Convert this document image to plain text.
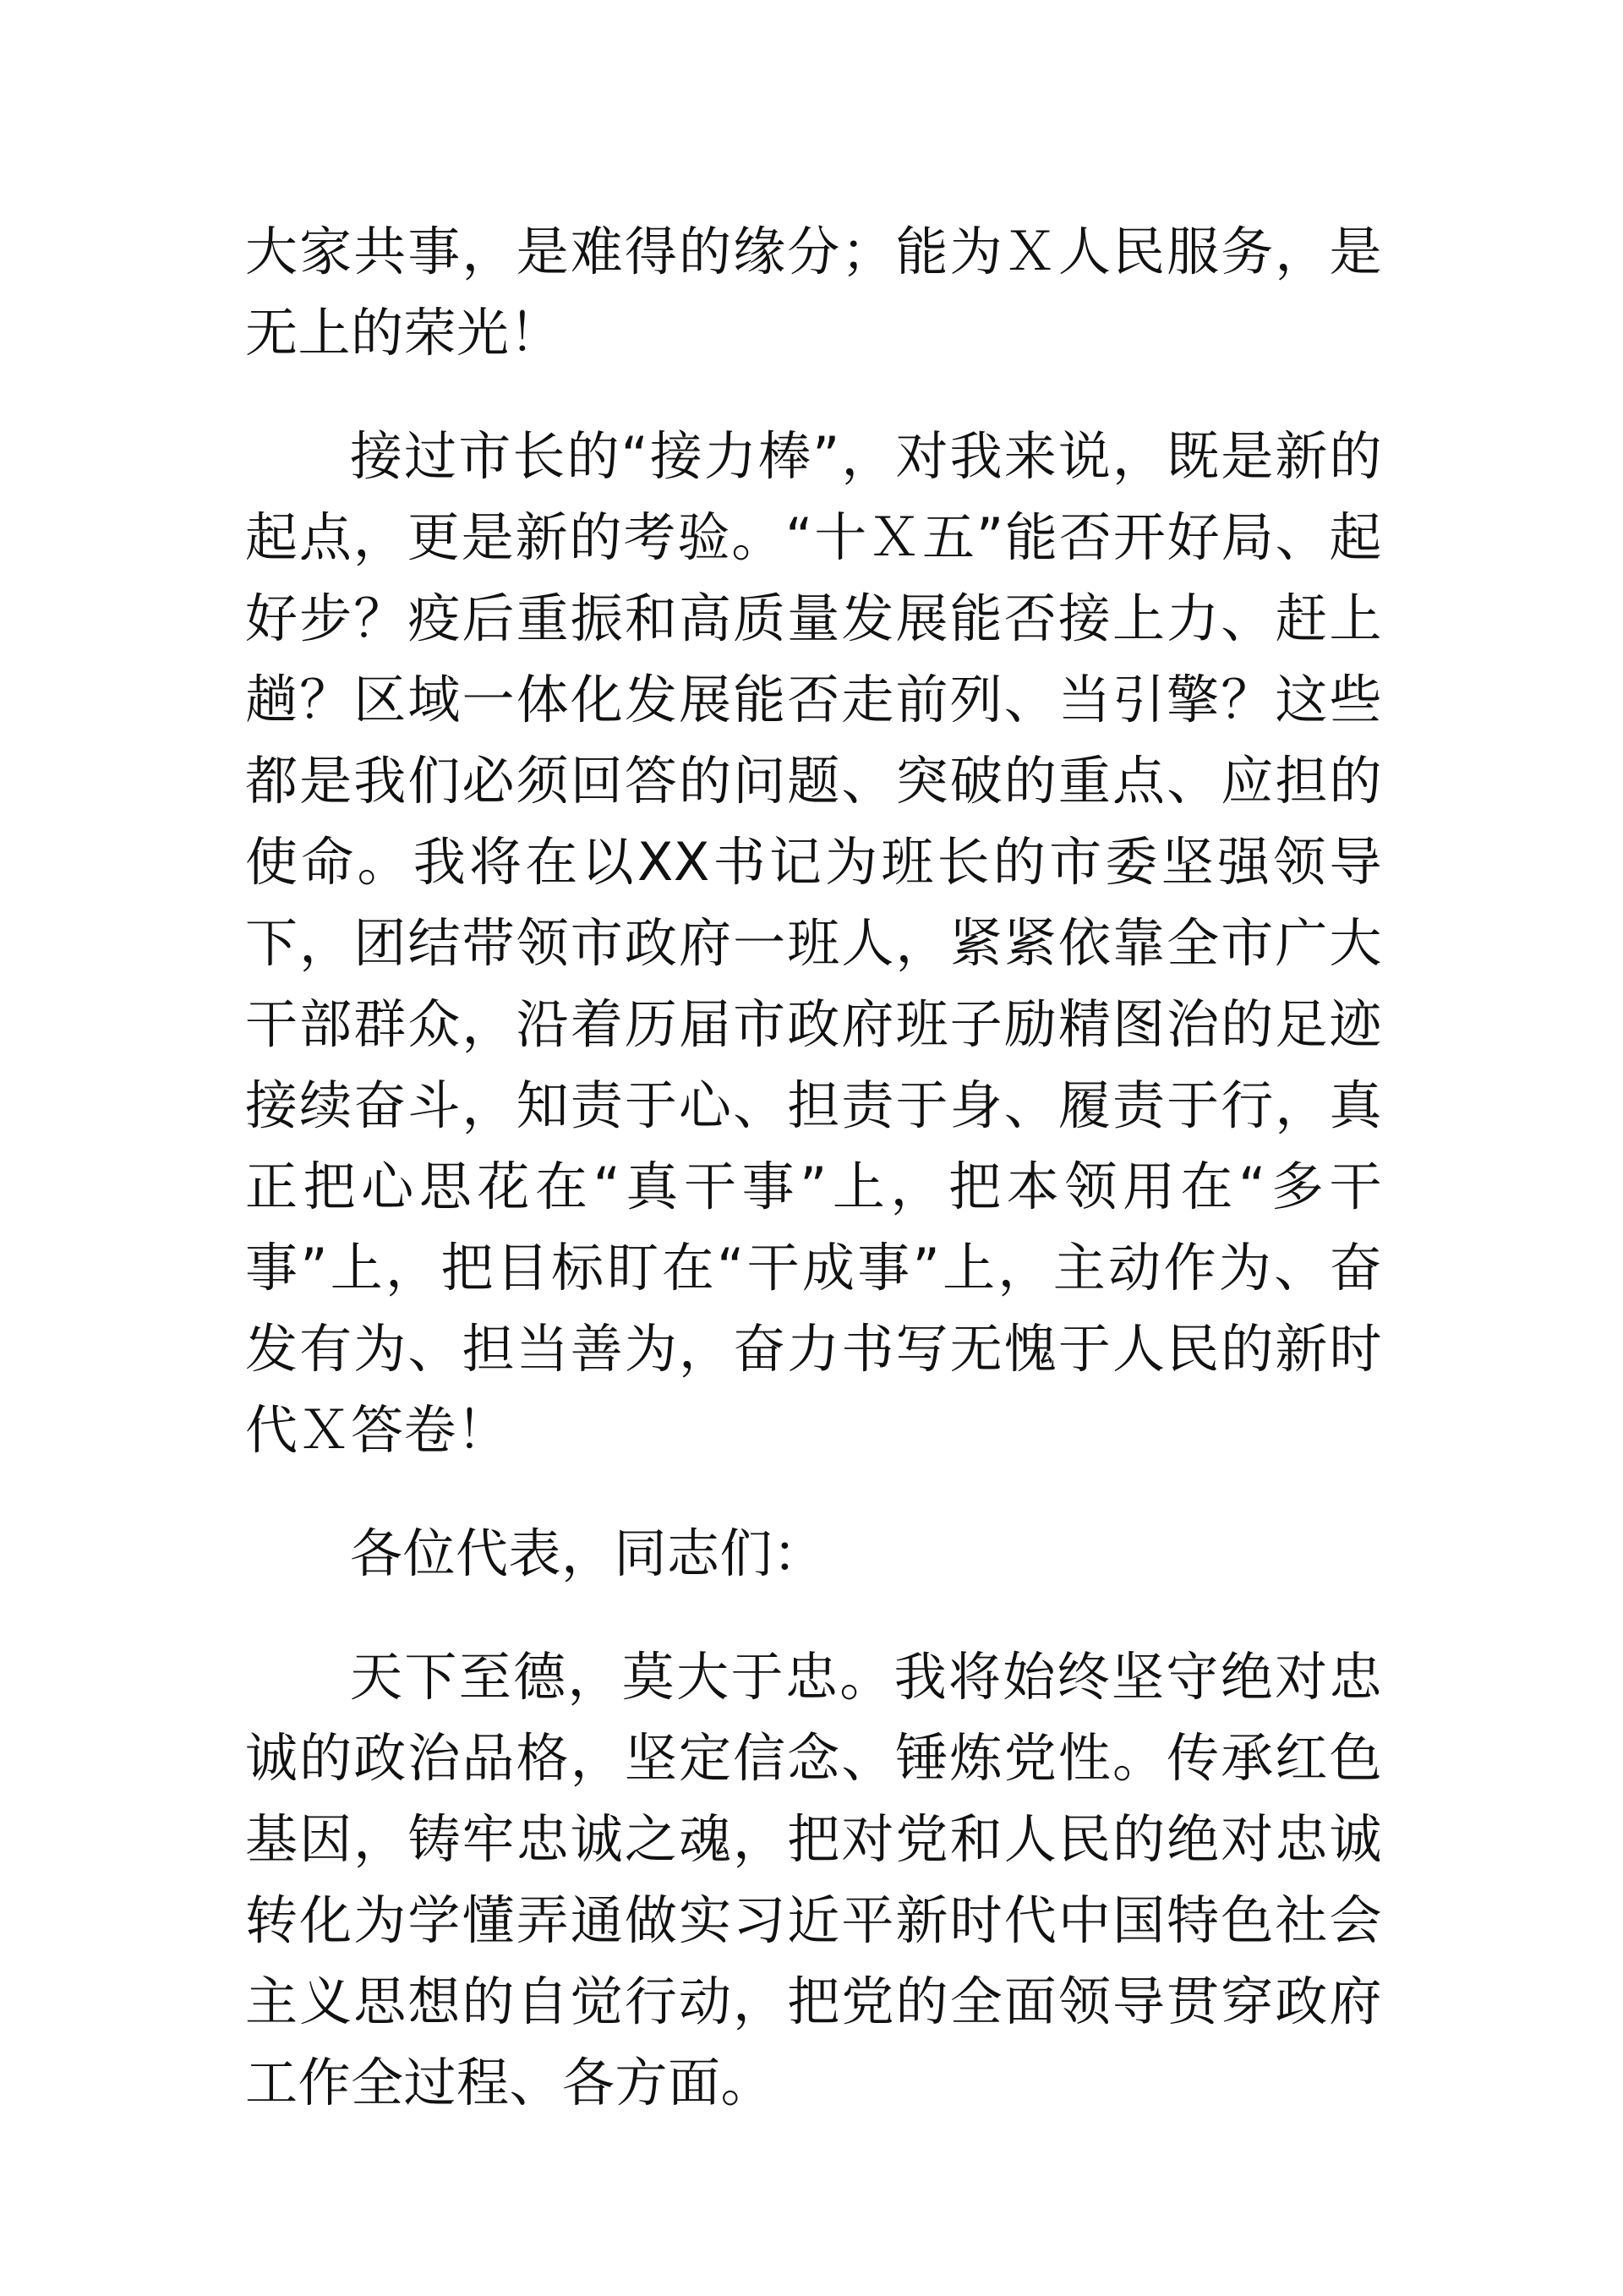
大家共事，是难得的缘分；能为Ｘ人民服务，是无上的荣光！

接过市长的“接力棒”，对我来说，既是新的起点，更是新的考验。“十Ｘ五”能否开好局、起好步？疫后重振和高质量发展能否接上力、赶上趟？区域一体化发展能否走前列、当引擎？这些都是我们必须回答的问题、突破的重点、应担的使命。我将在以XX书记为班长的市委坚强领导下，团结带领市政府一班人，紧紧依靠全市广大干部群众，沿着历届市政府班子励精图治的足迹接续奋斗，知责于心、担责于身、履责于行，真正把心思花在“真干事”上，把本领用在“多干事”上，把目标盯在“干成事”上，主动作为、奋发有为、担当善为，奋力书写无愧于人民的新时代Ｘ答卷！

各位代表，同志们：

天下至德，莫大于忠。我将始终坚守绝对忠诚的政治品格，坚定信念、锤炼党性。传承红色基因，铸牢忠诚之魂，把对党和人民的绝对忠诚转化为学懂弄通做实习近平新时代中国特色社会主义思想的自觉行动，把党的全面领导贯穿政府工作全过程、各方面。
